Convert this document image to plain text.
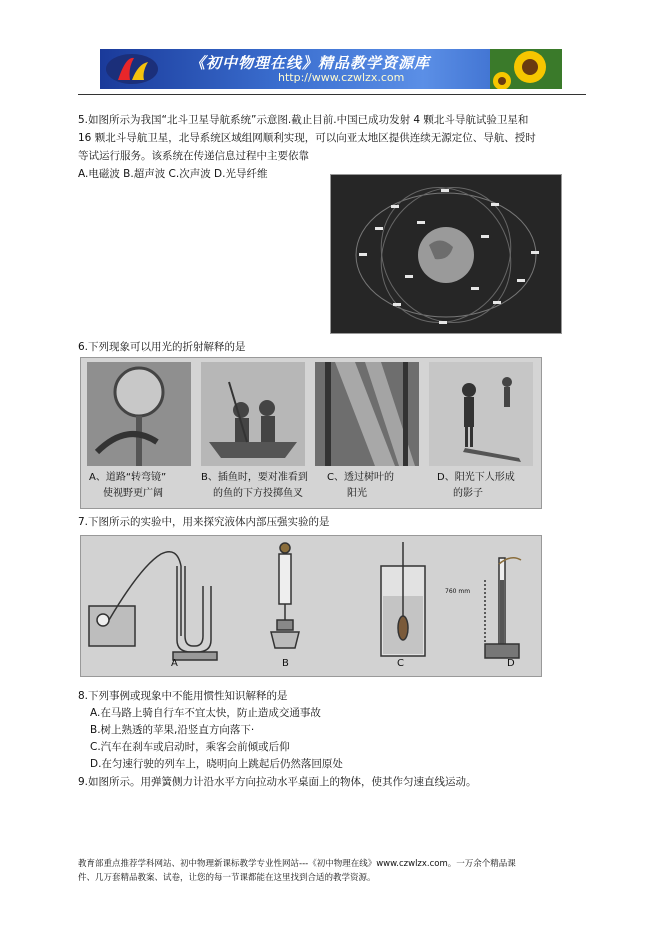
《初中物理在线》精品教学资源库
http://www.czwlzx.com
5.如图所示为我国“北斗卫星导航系统”示意图.截止目前.中国已成功发射 4 颗北斗导航试验卫星和
16 颗北斗导航卫星，北导系统区域组网顺利实现，可以向亚太地区提供连续无源定位、导航、授时
等试运行服务。该系统在传递信息过程中主要依靠
A.电磁波 B.超声波 C.次声波 D.光导纤维
6.下列现象可以用光的折射解释的是
A、道路“转弯镜”
使视野更广阔
B、插鱼时，要对准看到
的鱼的下方投掷鱼叉
C、透过树叶的
阳光
D、阳光下人形成
的影子
7.下图所示的实验中，用来探究液体内部压强实验的是
760 mm
A	B	C	D
8.下列事例或现象中不能用惯性知识解释的是
A.在马路上骑自行车不宜太快，防止造成交通事故
B.树上熟透的苹果,沿竖直方向落下·
C.汽车在刹车或启动时，乘客会前倾或后仰
D.在匀速行驶的列车上，晓明向上跳起后仍然落回原处
9.如图所示。用弹簧侧力计沿水平方向拉动水平桌面上的物体，使其作匀速直线运动。
教育部重点推荐学科网站、初中物理新课标教学专业性网站---《初中物理在线》www.czwlzx.com。一万余个精品课
件、几万套精品教案、试卷，让您的每一节课都能在这里找到合适的教学资源。
